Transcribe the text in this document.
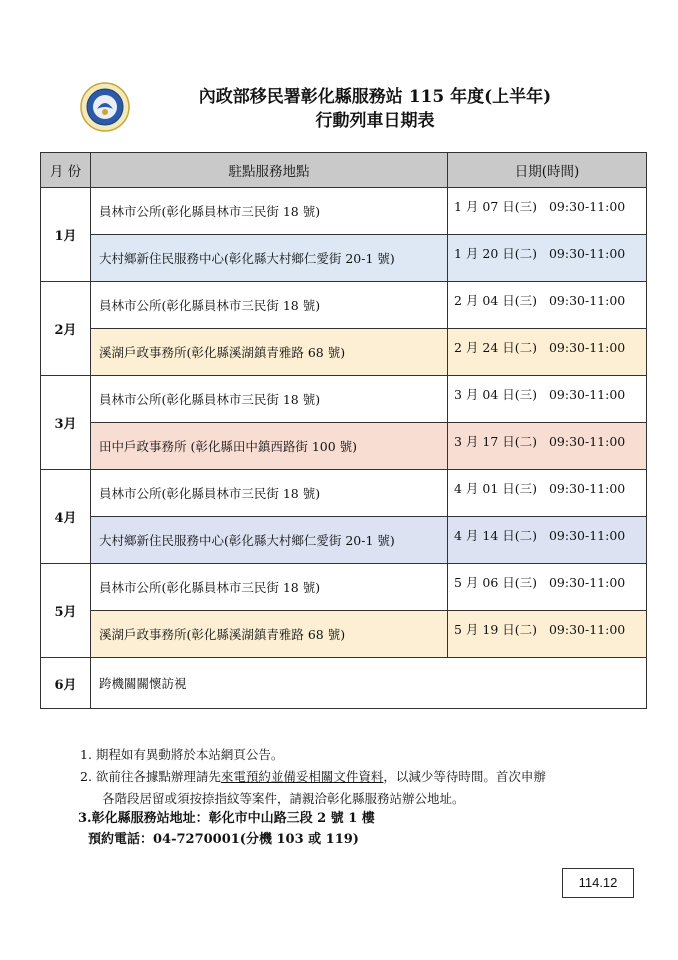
內政部移民署彰化縣服務站 115 年度(上半年)
行動列車日期表
月 份	駐點服務地點	日期(時間)
1月	員林市公所(彰化縣員林市三民街 18 號)	1 月 07 日(三)   09:30-11:00
	大村鄉新住民服務中心(彰化縣大村鄉仁愛街 20-1 號)	1 月 20 日(二)   09:30-11:00
2月	員林市公所(彰化縣員林市三民街 18 號)	2 月 04 日(三)   09:30-11:00
	溪湖戶政事務所(彰化縣溪湖鎮青雅路 68 號)	2 月 24 日(二)   09:30-11:00
3月	員林市公所(彰化縣員林市三民街 18 號)	3 月 04 日(三)   09:30-11:00
	田中戶政事務所 (彰化縣田中鎮西路街 100 號)	3 月 17 日(二)   09:30-11:00
4月	員林市公所(彰化縣員林市三民街 18 號)	4 月 01 日(三)   09:30-11:00
	大村鄉新住民服務中心(彰化縣大村鄉仁愛街 20-1 號)	4 月 14 日(二)   09:30-11:00
5月	員林市公所(彰化縣員林市三民街 18 號)	5 月 06 日(三)   09:30-11:00
	溪湖戶政事務所(彰化縣溪湖鎮青雅路 68 號)	5 月 19 日(二)   09:30-11:00
6月	跨機關關懷訪視	
1. 期程如有異動將於本站網頁公告。
2. 欲前往各據點辦理請先來電預約並備妥相關文件資料，以減少等待時間。首次申辦
各階段居留或須按捺指紋等案件，請親洽彰化縣服務站辦公地址。
3.彰化縣服務站地址：彰化市中山路三段 2 號 1 樓
預約電話：04-7270001(分機 103 或 119)
114.12
